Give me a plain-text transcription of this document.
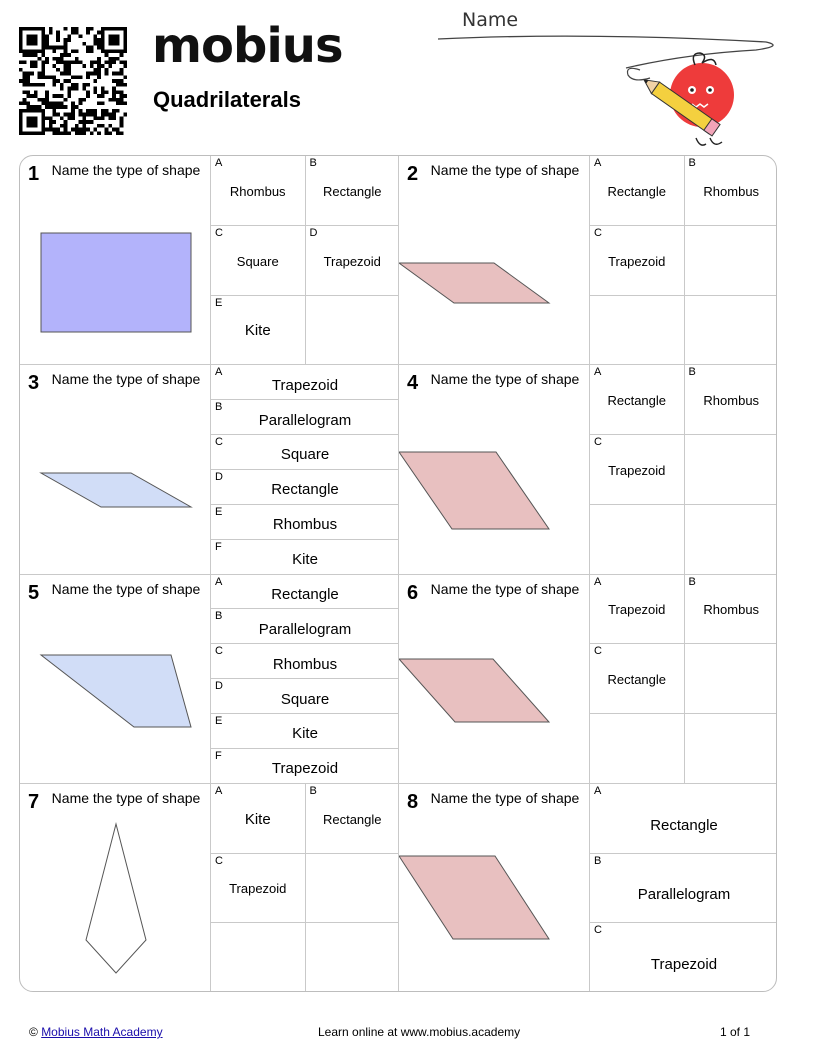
mobius
Quadrilaterals
Name
1 Name the type of shape A
Rhombus
B
Rectangle
C
Square
D
Trapezoid
E
Kite
2 Name the type of shape A
Rectangle
B
Rhombus
C
Trapezoid
3 Name the type of shape A
Trapezoid
B
Parallelogram
C
Square
D
Rectangle
E
Rhombus
F
Kite
4 Name the type of shape A
Rectangle
B
Rhombus
C
Trapezoid
5 Name the type of shape A
Rectangle
B
Parallelogram
C
Rhombus
D
Square
E
Kite
F
Trapezoid
6 Name the type of shape A
Trapezoid
B
Rhombus
C
Rectangle
7 Name the type of shape A
Kite
B
Rectangle
C
Trapezoid
8 Name the type of shape A
Rectangle
B
Parallelogram
C
Trapezoid
© Mobius Math Academy	Learn online at www.mobius.academy	1 of 1
